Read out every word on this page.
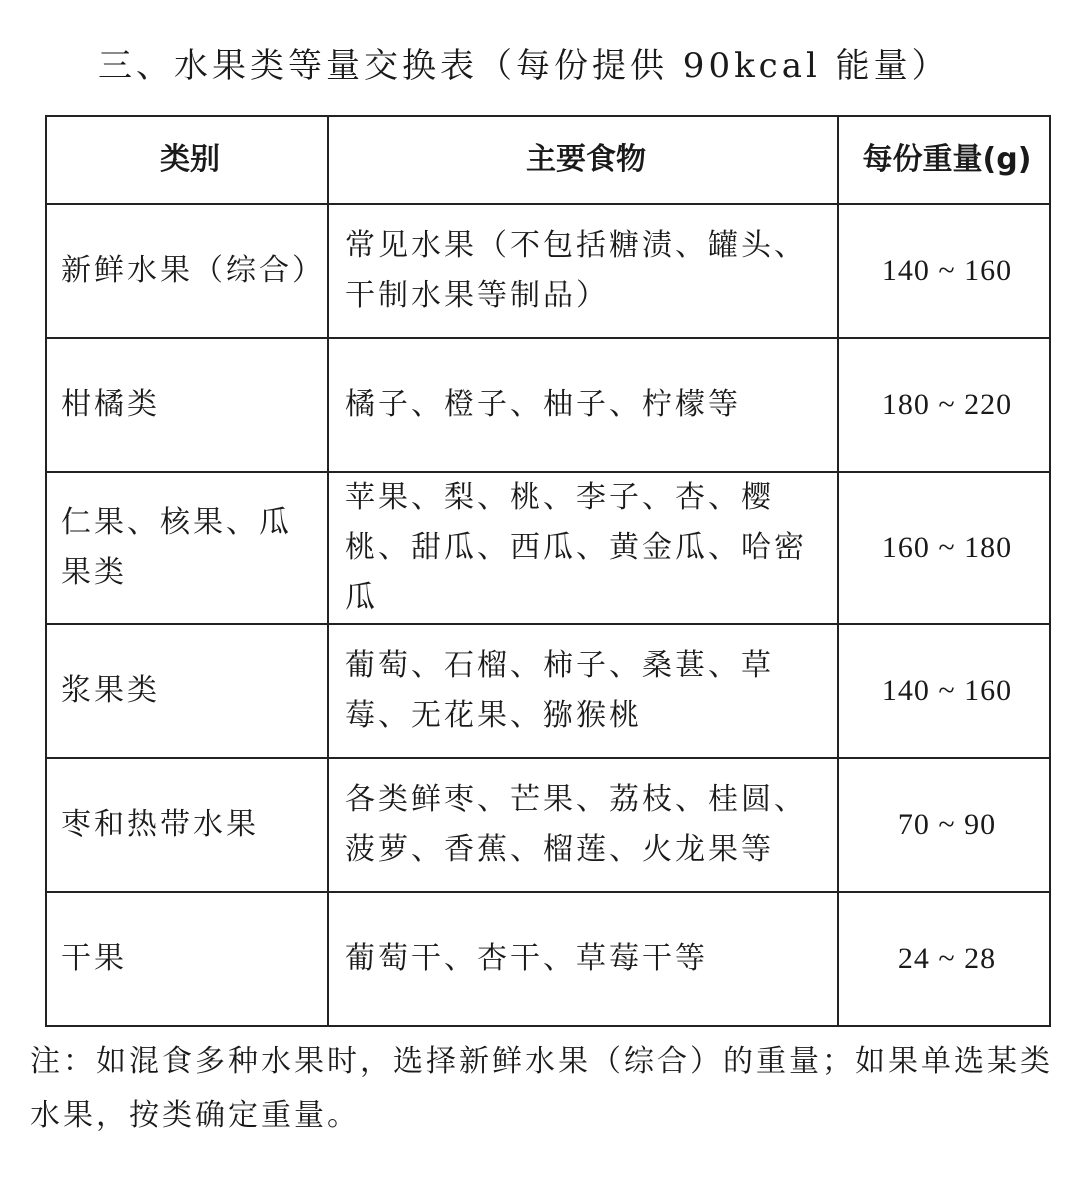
三、水果类等量交换表（每份提供 90kcal 能量）
类别	主要食物	每份重量(g)
新鲜水果（综合）	常见水果（不包括糖渍、罐头、干制水果等制品）	140 ~ 160
柑橘类	橘子、橙子、柚子、柠檬等	180 ~ 220
仁果、核果、瓜果类	苹果、梨、桃、李子、杏、樱桃、甜瓜、西瓜、黄金瓜、哈密瓜	160 ~ 180
浆果类	葡萄、石榴、柿子、桑葚、草莓、无花果、猕猴桃	140 ~ 160
枣和热带水果	各类鲜枣、芒果、荔枝、桂圆、菠萝、香蕉、榴莲、火龙果等	70 ~ 90
干果	葡萄干、杏干、草莓干等	24 ~ 28
注：如混食多种水果时，选择新鲜水果（综合）的重量；如果单选某类水果，按类确定重量。
